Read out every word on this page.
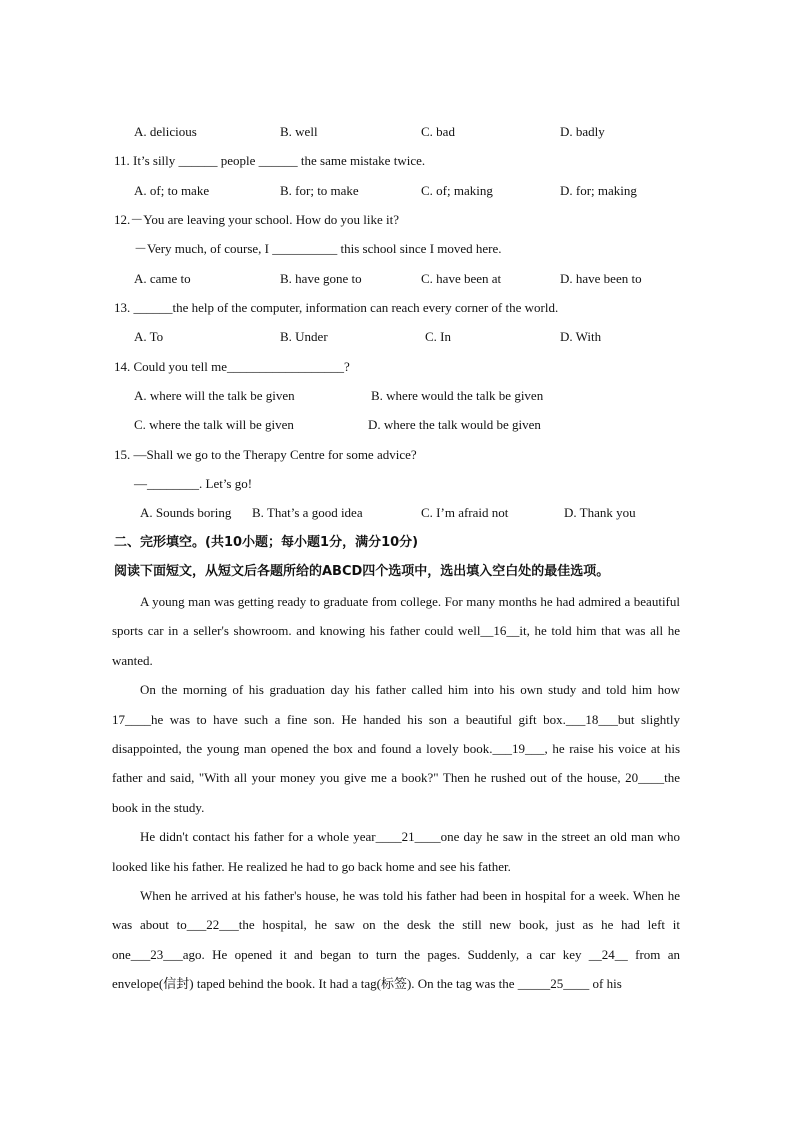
A. delicious	B. well	C. bad	D. badly
11. It’s silly ______ people ______ the same mistake twice.
A. of; to make	B. for; to make	C. of; making	D. for; making
12.－You are leaving your school. How do you like it?
－Very much, of course, I __________ this school since I moved here.
A. came to	B. have gone to	C. have been at	D. have been to
13. ______the help of the computer, information can reach every corner of the world.
A. To	B. Under	C. In	D. With
14. Could you tell me__________________?
A. where will the talk be given	B. where would the talk be given
C. where the talk will be given	D. where the talk would be given
15. —Shall we go to the Therapy Centre for some advice?
—________. Let’s go!
A. Sounds boring B. That’s a good idea	C. I’m afraid not	D. Thank you
二、完形填空。(共10小题；每小题1分，满分10分)
阅读下面短文，从短文后各题所给的ABCD四个选项中，选出填入空白处的最佳选项。

A young man was getting ready to graduate from college. For many months he had admired a beautiful sports car in a seller's showroom. and knowing his father could well__16__it, he told him that was all he wanted.

On the morning of his graduation day his father called him into his own study and told him how 17____he was to have such a fine son. He handed his son a beautiful gift box.___18___but slightly disappointed, the young man opened the box and found a lovely book.___19___, he raise his voice at his father and said, "With all your money you give me a book?" Then he rushed out of the house, 20____the book in the study.

He didn't contact his father for a whole year____21____one day he saw in the street an old man who looked like his father. He realized he had to go back home and see his father.

When he arrived at his father's house, he was told his father had been in hospital for a week. When he was about to___22___the hospital, he saw on the desk the still new book, just as he had left it one___23___ago. He opened it and began to turn the pages. Suddenly, a car key __24__ from an envelope(信封) taped behind the book. It had a tag(标签). On the tag was the _____25____ of his
